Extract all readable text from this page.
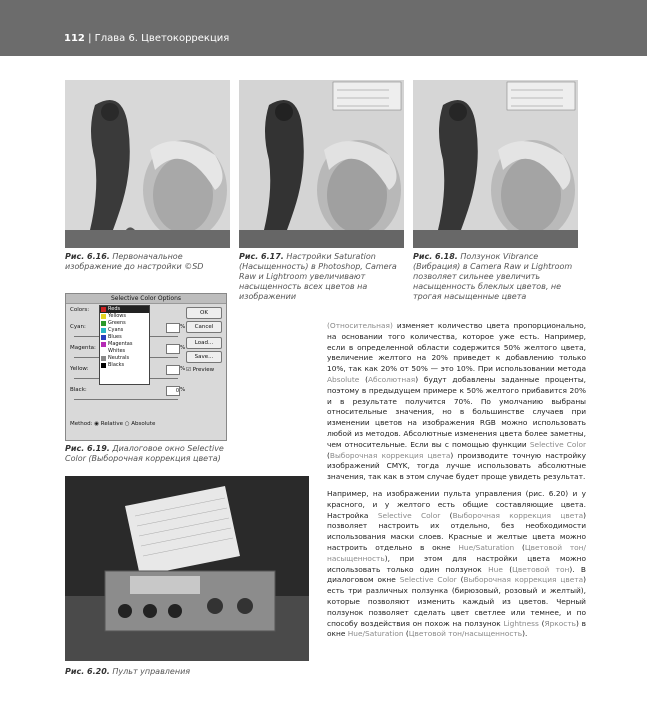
112 | Глава 6. Цветокоррекция
Рис. 6.16. Первоначальное изображение до настройки ©SD
Рис. 6.17. Настройки Saturation (Насыщенность) в Photoshop, Camera Raw и Lightroom увеличивают насыщенность всех цветов на изображении
Рис. 6.18. Ползунок Vibrance (Вибрация) в Camera Raw и Lightroom позволяет сильнее увеличить насыщенность блеклых цветов, не трогая насыщенные цвета
Selective Color Options
Colors:
Cyan:	%
Magenta:	%
Yellow:	%
Black:	0 %
OK
Cancel
Load...
Save...
☑ Preview
Method: ◉ Relative ○ Absolute
Reds
Yellows
Greens
Cyans
Blues
Magentas
Whites
Neutrals
Blacks
Рис. 6.19. Диалоговое окно Selective Color (Выборочная коррекция цвета)
Рис. 6.20. Пульт управления

(Относительная) изменяет количество цвета пропорционально, на основании того количества, которое уже есть. Например, если в определенной области содержится 50% желтого цвета, увеличение желтого на 20% приведет к добавлению только 10%, так как 20% от 50% — это 10%. При использовании метода Absolute (Абсолютная) будут добавлены заданные проценты, поэтому в предыдущем примере к 50% желтого прибавится 20% и в результате получится 70%. По умолчанию выбраны относительные значения, но в большинстве случаев при изменении цветов на изображения RGB можно использовать любой из методов. Абсолютные изменения цвета более заметны, чем относительные. Если вы с помощью функции Selective Color (Выборочная коррекция цвета) производите точную настройку изображений CMYK, тогда лучше использовать абсолютные значения, так как в этом случае будет проще увидеть результат.

Например, на изображении пульта управления (рис. 6.20) и у красного, и у желтого есть общие составляющие цвета. Настройка Selective Color (Выборочная коррекция цвета) позволяет настроить их отдельно, без необходимости использования маски слоев. Красные и желтые цвета можно настроить отдельно в окне Hue/Saturation (Цветовой тон/насыщенность), при этом для настройки цвета можно использовать только один ползунок Hue (Цветовой тон). В диалоговом окне Selective Color (Выборочная коррекция цвета) есть три различных ползунка (бирюзовый, розовый и желтый), которые позволяют изменить каждый из цветов. Черный ползунок позволяет сделать цвет светлее или темнее, и по способу воздействия он похож на ползунок Lightness (Яркость) в окне Hue/Saturation (Цветовой тон/насыщенность).
